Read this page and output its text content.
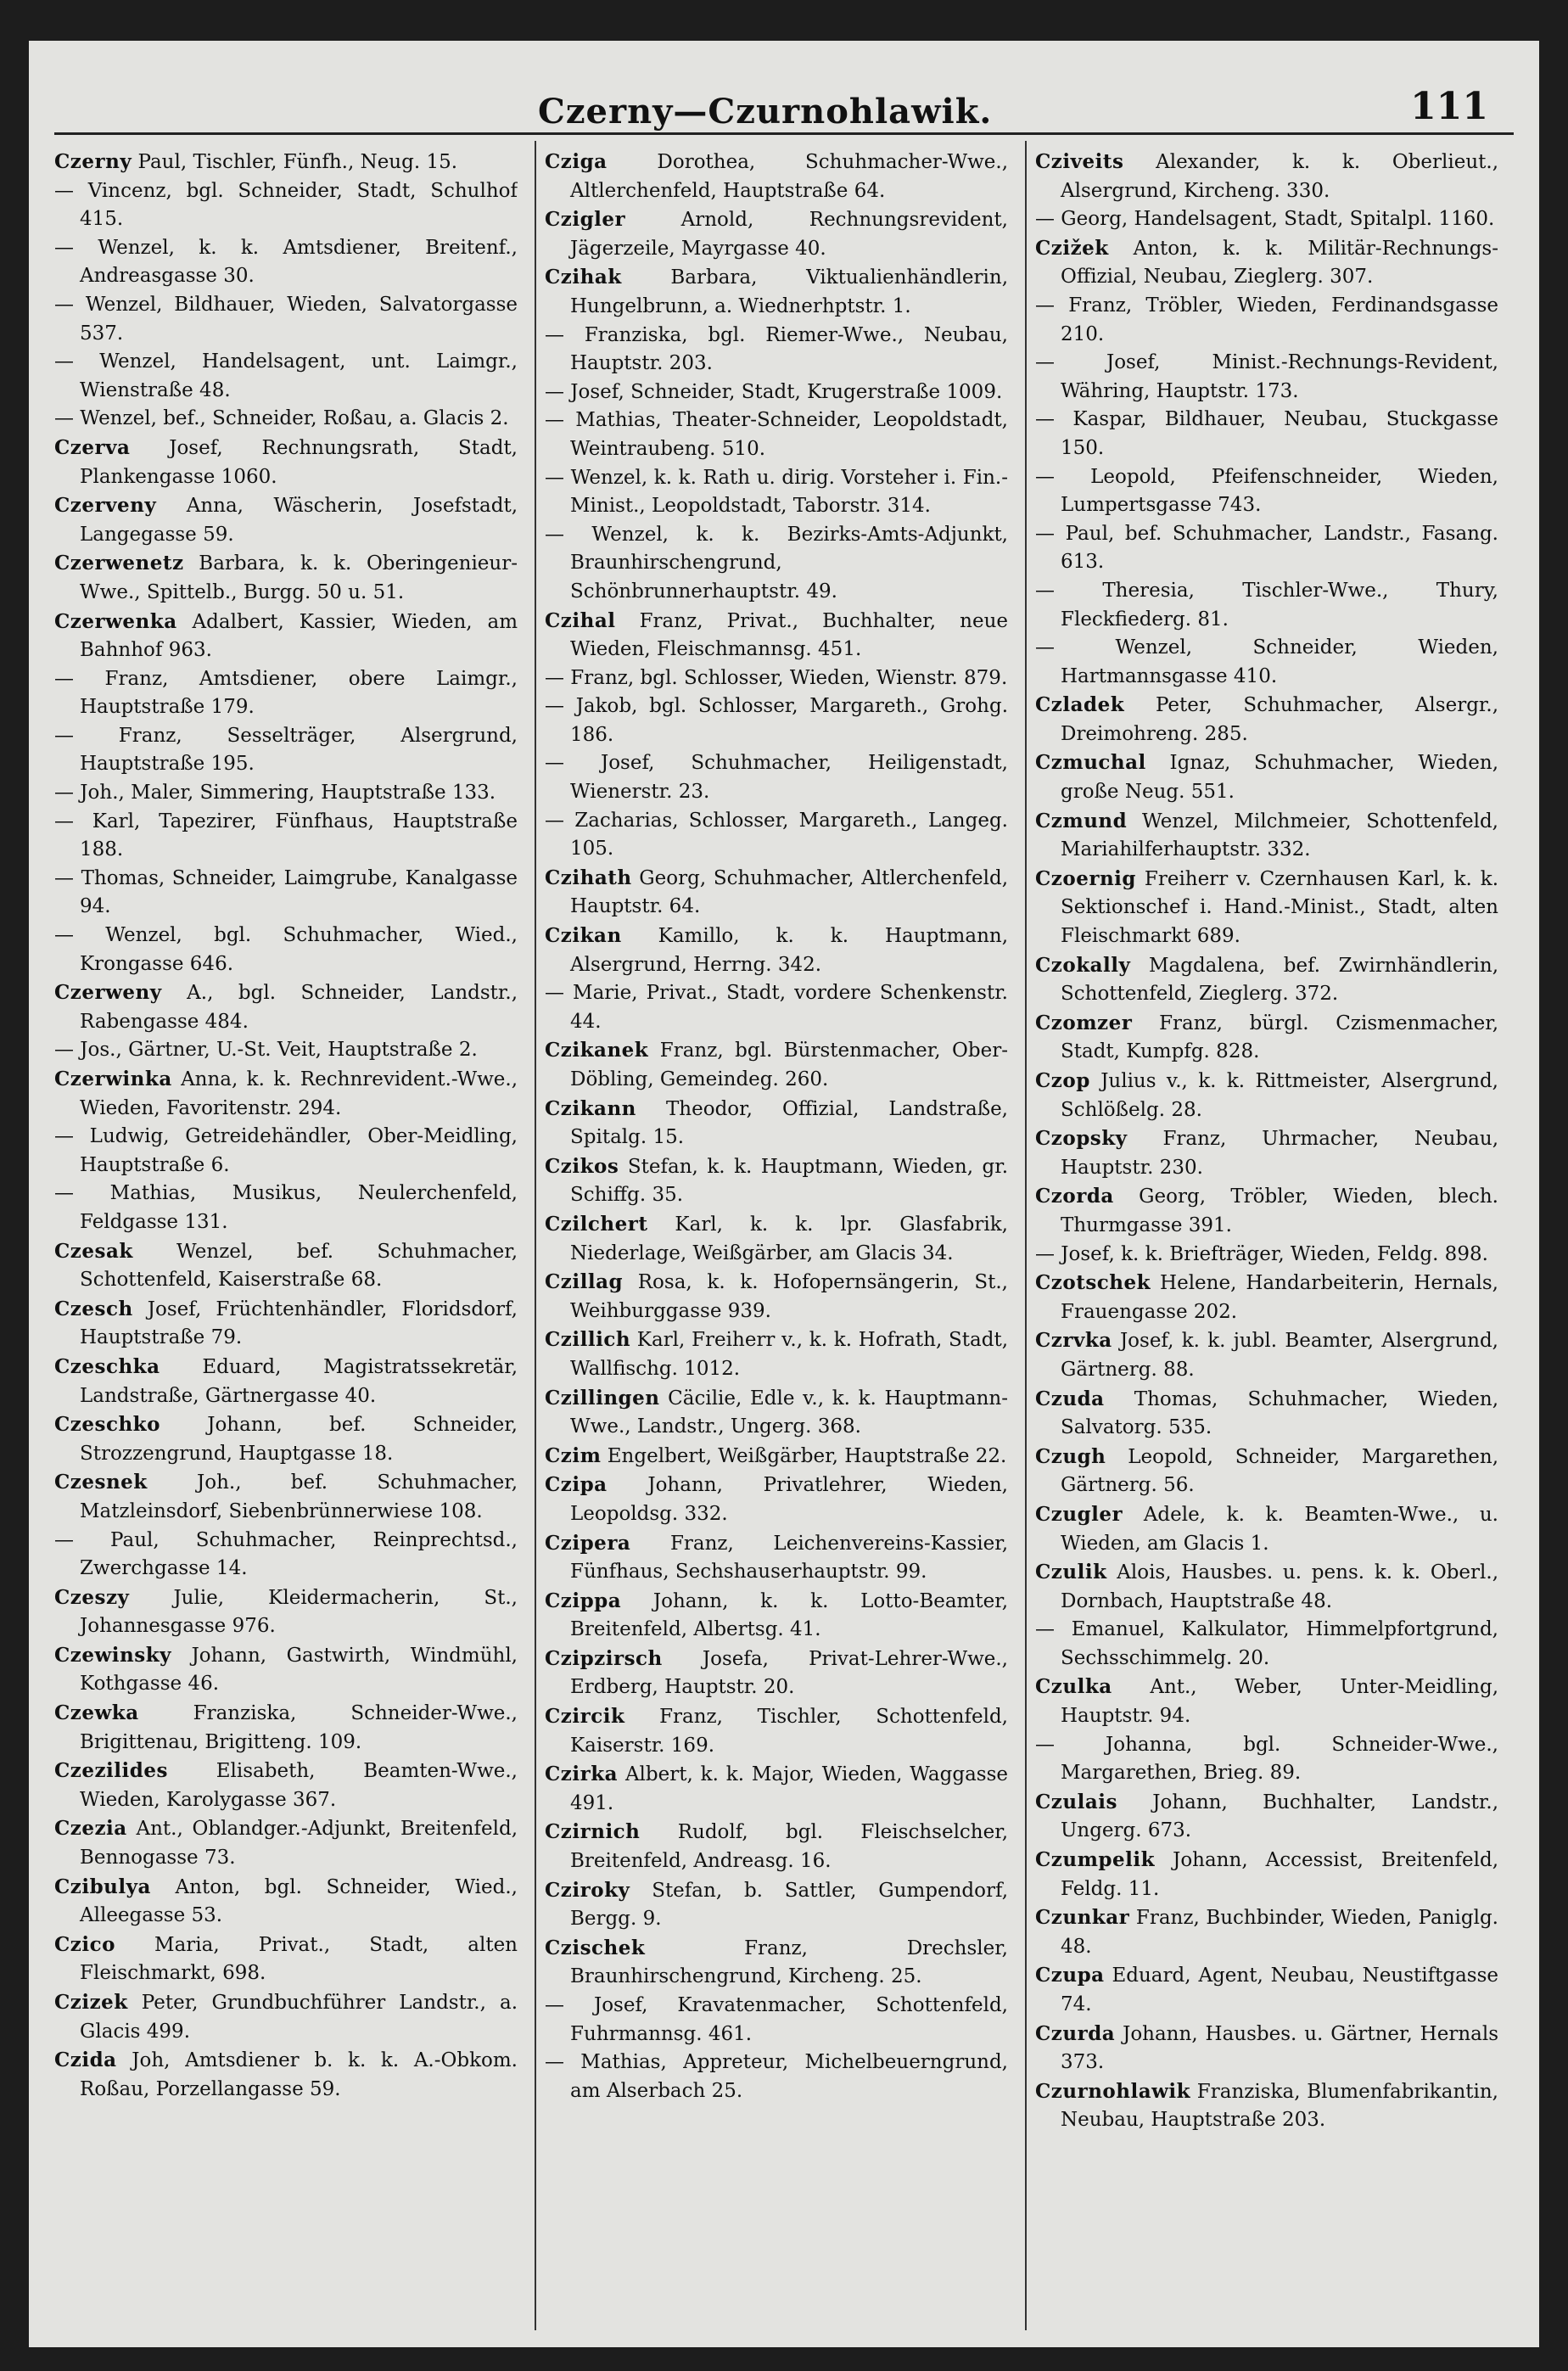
Czerny—Czurnohlawik.	111

Czerny Paul, Tischler, Fünfh., Neug. 15.

— Vincenz, bgl. Schneider, Stadt, Schulhof 415.

— Wenzel, k. k. Amtsdiener, Breitenf., Andreasgasse 30.

— Wenzel, Bildhauer, Wieden, Salvatorgasse 537.

— Wenzel, Handelsagent, unt. Laimgr., Wienstraße 48.

— Wenzel, bef., Schneider, Roßau, a. Glacis 2.

Czerva Josef, Rechnungsrath, Stadt, Plankengasse 1060.

Czerveny Anna, Wäscherin, Josefstadt, Langegasse 59.

Czerwenetz Barbara, k. k. Oberingenieur-Wwe., Spittelb., Burgg. 50 u. 51.

Czerwenka Adalbert, Kassier, Wieden, am Bahnhof 963.

— Franz, Amtsdiener, obere Laimgr., Hauptstraße 179.

— Franz, Sesselträger, Alsergrund, Hauptstraße 195.

— Joh., Maler, Simmering, Hauptstraße 133.

— Karl, Tapezirer, Fünfhaus, Hauptstraße 188.

— Thomas, Schneider, Laimgrube, Kanalgasse 94.

— Wenzel, bgl. Schuhmacher, Wied., Krongasse 646.

Czerweny A., bgl. Schneider, Landstr., Rabengasse 484.

— Jos., Gärtner, U.-St. Veit, Hauptstraße 2.

Czerwinka Anna, k. k. Rechnrevident.-Wwe., Wieden, Favoritenstr. 294.

— Ludwig, Getreidehändler, Ober-Meidling, Hauptstraße 6.

— Mathias, Musikus, Neulerchenfeld, Feldgasse 131.

Czesak Wenzel, bef. Schuhmacher, Schottenfeld, Kaiserstraße 68.

Czesch Josef, Früchtenhändler, Floridsdorf, Hauptstraße 79.

Czeschka Eduard, Magistratssekretär, Landstraße, Gärtnergasse 40.

Czeschko Johann, bef. Schneider, Strozzengrund, Hauptgasse 18.

Czesnek	Joh., bef. Schuhmacher, Matzleinsdorf, Siebenbrünnerwiese 108.

— Paul, Schuhmacher, Reinprechtsd., Zwerchgasse 14.

Czeszy Julie, Kleidermacherin, St., Johannesgasse 976.

Czewinsky Johann, Gastwirth, Windmühl, Kothgasse 46.

Czewka	Franziska, Schneider-Wwe., Brigittenau, Brigitteng. 109.

Czezilides Elisabeth, Beamten-Wwe., Wieden, Karolygasse 367.

Czezia Ant., Oblandger.-Adjunkt, Breitenfeld, Bennogasse 73.

Czibulya Anton, bgl. Schneider, Wied., Alleegasse 53.

Czico Maria, Privat., Stadt, alten Fleischmarkt, 698.

Czizek Peter, Grundbuchführer Landstr., a. Glacis 499.

Czida Joh, Amtsdiener b. k. k. A.-Obkom. Roßau, Porzellangasse 59.

Cziga	Dorothea, Schuhmacher-Wwe., Altlerchenfeld, Hauptstraße 64.

Czigler	Arnold, Rechnungsrevident, Jägerzeile, Mayrgasse 40.

Czihak	Barbara, Viktualienhändlerin, Hungelbrunn, a. Wiednerhptstr. 1.

— Franziska, bgl. Riemer-Wwe., Neubau, Hauptstr. 203.

— Josef, Schneider, Stadt, Krugerstraße 1009.

— Mathias, Theater-Schneider, Leopoldstadt, Weintraubeng. 510.

— Wenzel, k. k. Rath u. dirig. Vorsteher i. Fin.-Minist., Leopoldstadt, Taborstr. 314.

— Wenzel, k. k. Bezirks-Amts-Adjunkt, Braunhirschengrund, Schönbrunnerhauptstr. 49.

Czihal Franz, Privat., Buchhalter, neue Wieden, Fleischmannsg. 451.

— Franz, bgl. Schlosser, Wieden, Wienstr. 879.

— Jakob, bgl. Schlosser, Margareth., Grohg. 186.

— Josef, Schuhmacher, Heiligenstadt, Wienerstr. 23.

— Zacharias, Schlosser, Margareth., Langeg. 105.

Czihath Georg, Schuhmacher, Altlerchenfeld, Hauptstr. 64.

Czikan Kamillo, k. k. Hauptmann, Alsergrund, Herrng. 342.

— Marie, Privat., Stadt, vordere Schenkenstr. 44.

Czikanek Franz, bgl. Bürstenmacher, Ober-Döbling, Gemeindeg. 260.

Czikann Theodor, Offizial, Landstraße, Spitalg. 15.

Czikos Stefan, k. k. Hauptmann, Wieden, gr. Schiffg. 35.

Czilchert Karl, k. k. lpr. Glasfabrik, Niederlage, Weißgärber, am Glacis 34.

Czillag Rosa, k. k. Hofopernsängerin, St., Weihburggasse 939.

Czillich Karl, Freiherr v., k. k. Hofrath, Stadt, Wallfischg. 1012.

Czillingen Cäcilie, Edle v., k. k. Hauptmann-Wwe., Landstr., Ungerg. 368.

Czim Engelbert, Weißgärber, Hauptstraße 22.

Czipa Johann, Privatlehrer, Wieden, Leopoldsg. 332.

Czipera Franz, Leichenvereins-Kassier, Fünfhaus, Sechshauserhauptstr. 99.

Czippa Johann, k. k. Lotto-Beamter, Breitenfeld, Albertsg. 41.

Czipzirsch Josefa, Privat-Lehrer-Wwe., Erdberg, Hauptstr. 20.

Czircik Franz, Tischler, Schottenfeld, Kaiserstr. 169.

Czirka Albert, k. k. Major, Wieden, Waggasse 491.

Czirnich Rudolf, bgl. Fleischselcher, Breitenfeld, Andreasg. 16.

Cziroky Stefan, b. Sattler, Gumpendorf, Bergg. 9.

Czischek	Franz, Drechsler, Braunhirschengrund, Kircheng. 25.

— Josef, Kravatenmacher, Schottenfeld, Fuhrmannsg. 461.

— Mathias, Appreteur, Michelbeuerngrund, am Alserbach 25.

Cziveits Alexander, k. k. Oberlieut., Alsergrund, Kircheng. 330.

— Georg, Handelsagent, Stadt, Spitalpl. 1160.

Czižek Anton, k. k. Militär-Rechnungs-Offizial, Neubau, Zieglerg. 307.

— Franz, Tröbler, Wieden, Ferdinandsgasse 210.

— Josef, Minist.-Rechnungs-Revident, Währing, Hauptstr. 173.

— Kaspar, Bildhauer, Neubau, Stuckgasse 150.

— Leopold, Pfeifenschneider, Wieden, Lumpertsgasse 743.

— Paul, bef. Schuhmacher, Landstr., Fasang. 613.

— Theresia, Tischler-Wwe., Thury, Fleckfiederg. 81.

— Wenzel, Schneider, Wieden, Hartmannsgasse 410.

Czladek Peter, Schuhmacher, Alsergr., Dreimohreng. 285.

Czmuchal Ignaz, Schuhmacher, Wieden, große Neug. 551.

Czmund Wenzel, Milchmeier, Schottenfeld, Mariahilferhauptstr. 332.

Czoernig Freiherr v. Czernhausen Karl, k. k. Sektionschef i. Hand.-Minist., Stadt, alten Fleischmarkt 689.

Czokally Magdalena, bef. Zwirnhändlerin, Schottenfeld, Zieglerg. 372.

Czomzer Franz, bürgl. Czismenmacher, Stadt, Kumpfg. 828.

Czop Julius v., k. k. Rittmeister, Alsergrund, Schlößelg. 28.

Czopsky Franz, Uhrmacher, Neubau, Hauptstr. 230.

Czorda Georg, Tröbler, Wieden, blech. Thurmgasse 391.

— Josef, k. k. Briefträger, Wieden, Feldg. 898.

Czotschek Helene, Handarbeiterin, Hernals, Frauengasse 202.

Czrvka Josef, k. k. jubl. Beamter, Alsergrund, Gärtnerg. 88.

Czuda Thomas, Schuhmacher, Wieden, Salvatorg. 535.

Czugh Leopold, Schneider, Margarethen, Gärtnerg. 56.

Czugler Adele, k. k. Beamten-Wwe., u. Wieden, am Glacis 1.

Czulik Alois, Hausbes. u. pens. k. k. Oberl., Dornbach, Hauptstraße 48.

— Emanuel, Kalkulator, Himmelpfortgrund, Sechsschimmelg. 20.

Czulka Ant., Weber, Unter-Meidling, Hauptstr. 94.

— Johanna, bgl. Schneider-Wwe., Margarethen, Brieg. 89.

Czulais Johann, Buchhalter, Landstr., Ungerg. 673.

Czumpelik Johann, Accessist, Breitenfeld, Feldg. 11.

Czunkar Franz, Buchbinder, Wieden, Paniglg. 48.

Czupa Eduard, Agent, Neubau, Neustiftgasse 74.

Czurda Johann, Hausbes. u. Gärtner, Hernals 373.

Czurnohlawik Franziska, Blumenfabrikantin, Neubau, Hauptstraße 203.
